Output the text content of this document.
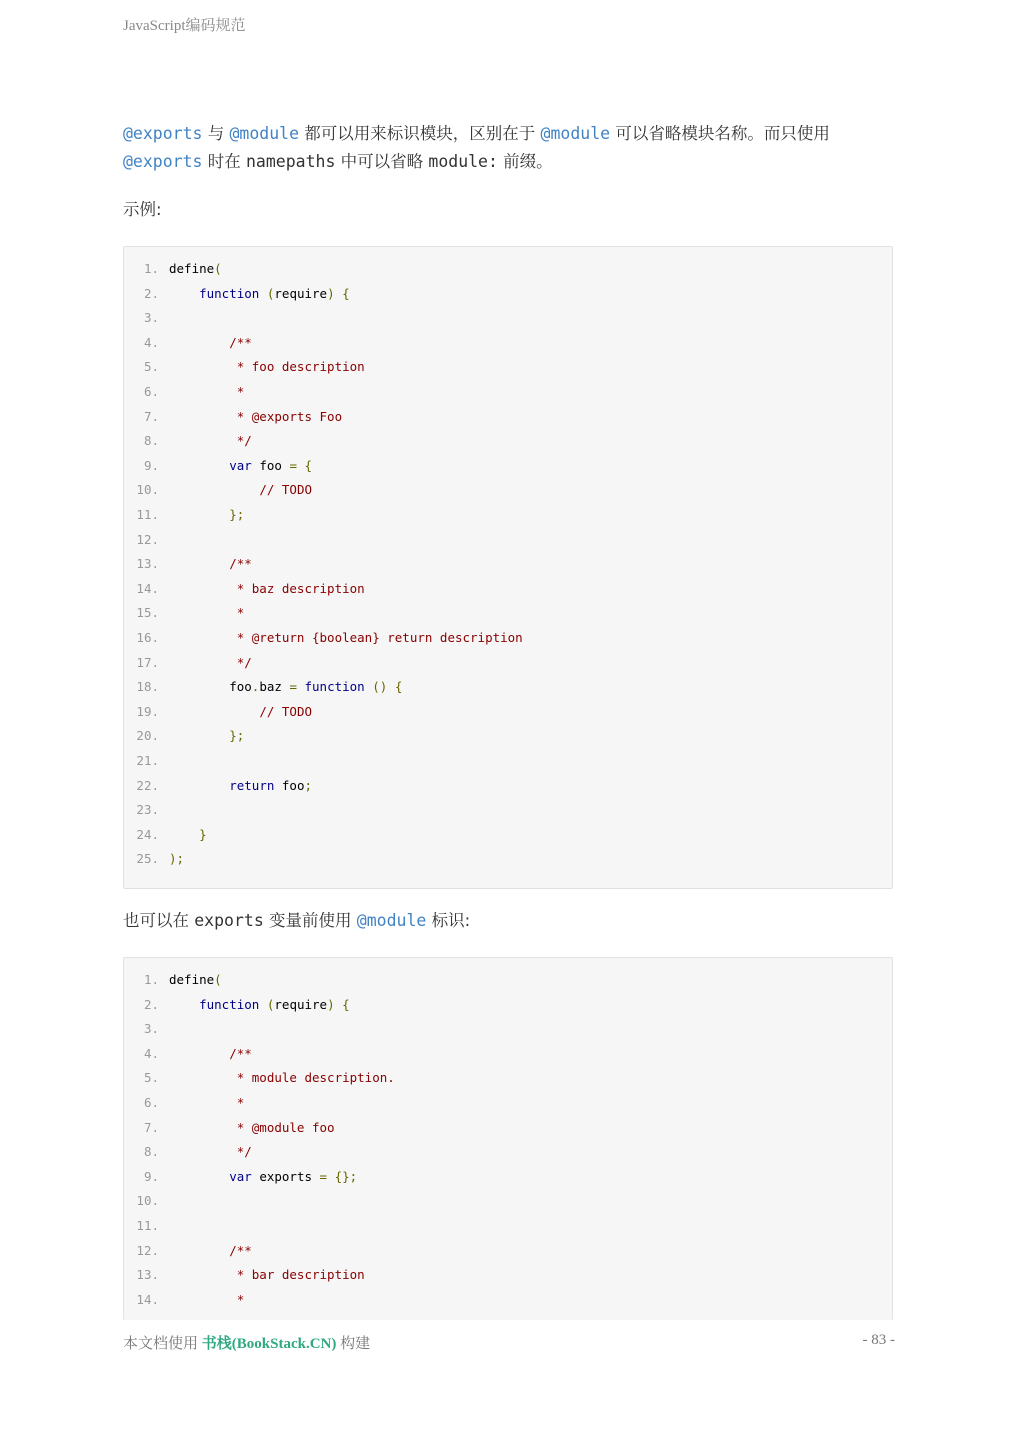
JavaScript编码规范
@exports 与 @module 都可以用来标识模块，区别在于 @module 可以省略模块名称。而只使用
@exports 时在 namepaths 中可以省略 module: 前缀。
示例:
1. define(
2.	function (require) {
3.
4.	/**
5.         * foo description
6.         *
7.         * @exports Foo
8.         */
9.	var foo = {
10.	// TODO
11.	};
12.
13.	/**
14.         * baz description
15.         *
16.         * @return {boolean} return description
17.         */
18.        foo.baz = function () {
19.	// TODO
20.	};
21.
22.	return foo;
23.
24.	}
25. );
也可以在 exports 变量前使用 @module 标识:
1. define(
2.	function (require) {
3.
4.	/**
5.         * module description.
6.         *
7.         * @module foo
8.         */
9.	var exports = {};
10.
11.
12.	/**
13.         * bar description
14.         *
本文档使用 书栈(BookStack.CN) 构建	- 83 -
